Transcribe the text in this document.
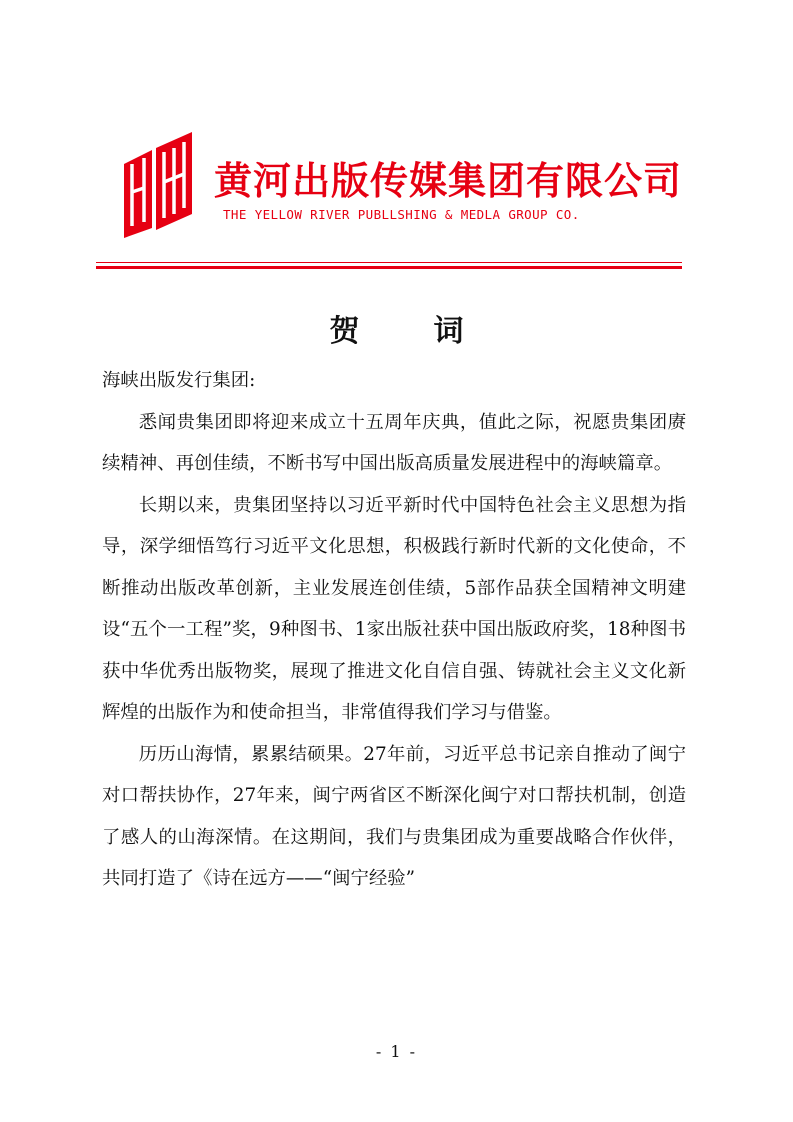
黄河出版传媒集团有限公司
THE YELLOW RIVER PUBLLSHING & MEDLA GROUP CO.
贺　词

海峡出版发行集团:

悉闻贵集团即将迎来成立十五周年庆典，值此之际，祝愿贵集团赓续精神、再创佳绩，不断书写中国出版高质量发展进程中的海峡篇章。

长期以来，贵集团坚持以习近平新时代中国特色社会主义思想为指导，深学细悟笃行习近平文化思想，积极践行新时代新的文化使命，不断推动出版改革创新，主业发展连创佳绩，5部作品获全国精神文明建设“五个一工程”奖，9种图书、1家出版社获中国出版政府奖，18种图书获中华优秀出版物奖，展现了推进文化自信自强、铸就社会主义文化新辉煌的出版作为和使命担当，非常值得我们学习与借鉴。

历历山海情，累累结硕果。27年前，习近平总书记亲自推动了闽宁对口帮扶协作，27年来，闽宁两省区不断深化闽宁对口帮扶机制，创造了感人的山海深情。在这期间，我们与贵集团成为重要战略合作伙伴，共同打造了《诗在远方——“闽宁经验”

- 1 -
